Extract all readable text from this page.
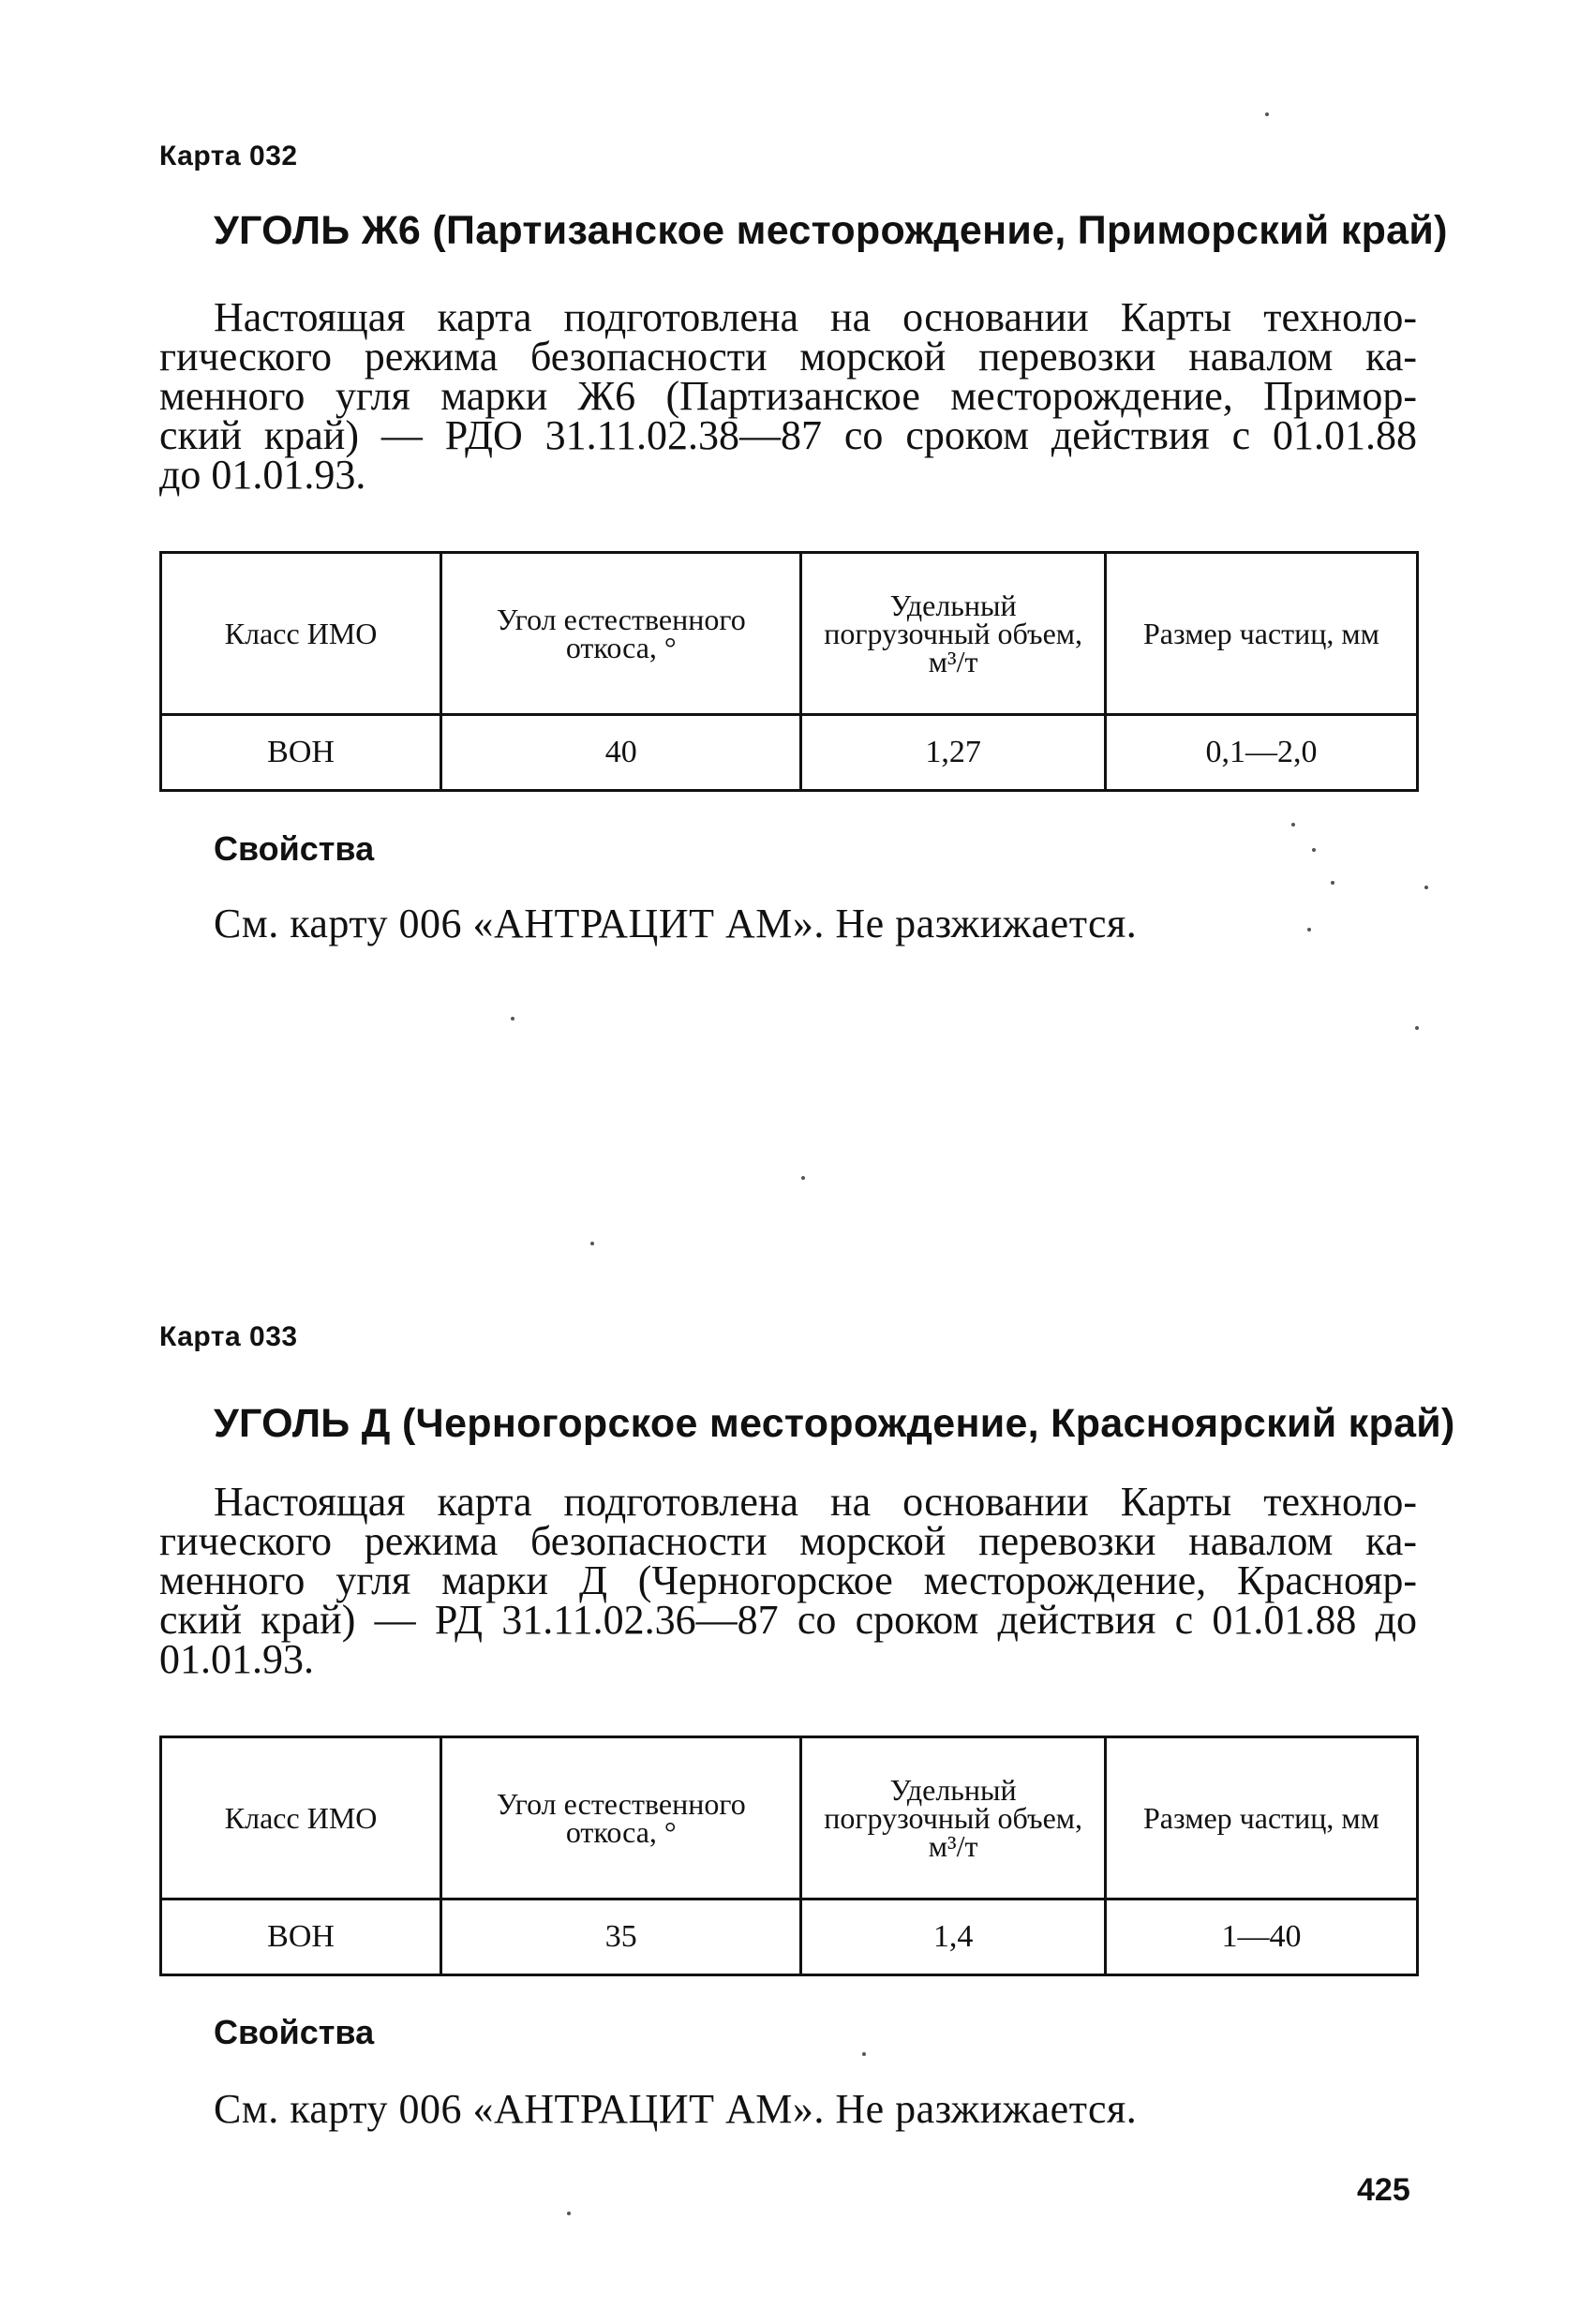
Карта 032
УГОЛЬ Ж6 (Партизанское месторождение, Приморский край)
Настоящая карта подготовлена на основании Карты техноло-
гического режима безопасности морской перевозки навалом ка-
менного угля марки Ж6 (Партизанское месторождение, Примор-
ский край) — РДО 31.11.02.38—87 со сроком действия с 01.01.88
до 01.01.93.
Класс ИМО	Угол естественного откоса, °	Удельный погрузочный объем, м³/т	Размер частиц, мм
ВОН	40	1,27	0,1—2,0
Свойства
См. карту 006 «АНТРАЦИТ АМ». Не разжижается.
Карта 033
УГОЛЬ Д (Черногорское месторождение, Красноярский край)
Настоящая карта подготовлена на основании Карты техноло-
гического режима безопасности морской перевозки навалом ка-
менного угля марки Д (Черногорское месторождение, Краснояр-
ский край) — РД 31.11.02.36—87 со сроком действия с 01.01.88 до
01.01.93.
Класс ИМО	Угол естественного откоса, °	Удельный погрузочный объем, м³/т	Размер частиц, мм
ВОН	35	1,4	1—40
Свойства
См. карту 006 «АНТРАЦИТ АМ». Не разжижается.
425
